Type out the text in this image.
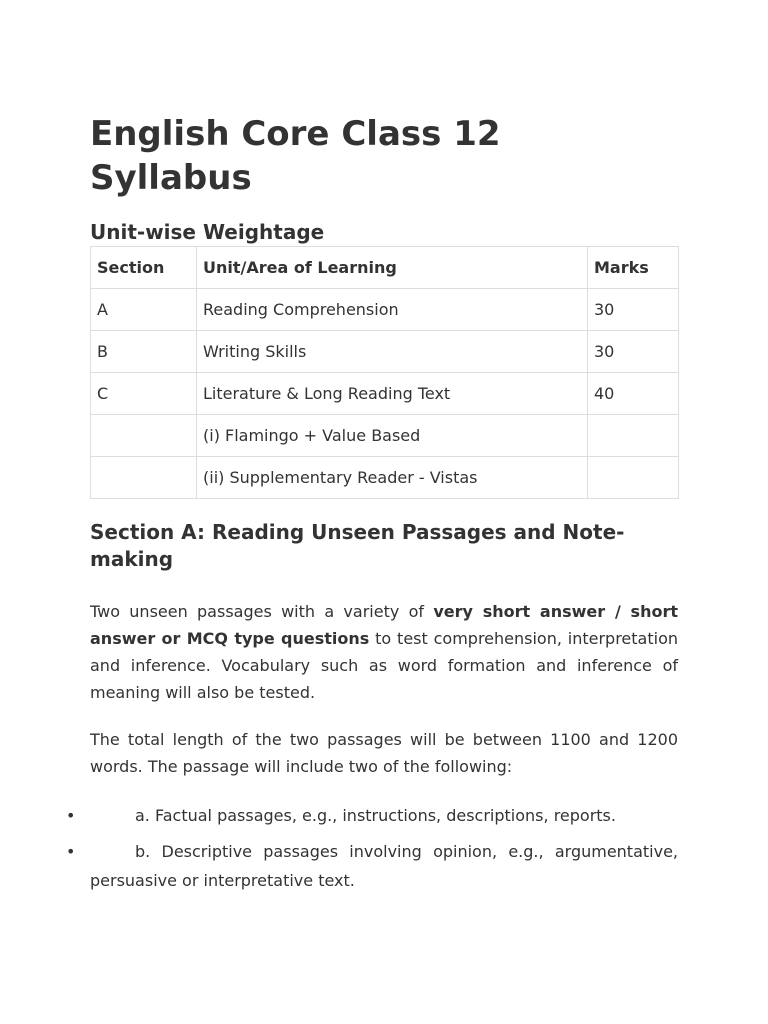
English Core Class 12 Syllabus
Unit-wise Weightage
Section	Unit/Area of Learning	Marks
A	Reading Comprehension	30
B	Writing Skills	30
C	Literature & Long Reading Text	40
	(i) Flamingo + Value Based	
	(ii) Supplementary Reader - Vistas	
Section A: Reading Unseen Passages and Note-making

Two unseen passages with a variety of very short answer / short answer or MCQ type questions to test comprehension, interpretation and inference. Vocabulary such as word formation and inference of meaning will also be tested.

The total length of the two passages will be between 1100 and 1200 words. The passage will include two of the following:

•	a. Factual passages, e.g., instructions, descriptions, reports.
•	b. Descriptive passages involving opinion, e.g., argumentative, persuasive or interpretative text.
